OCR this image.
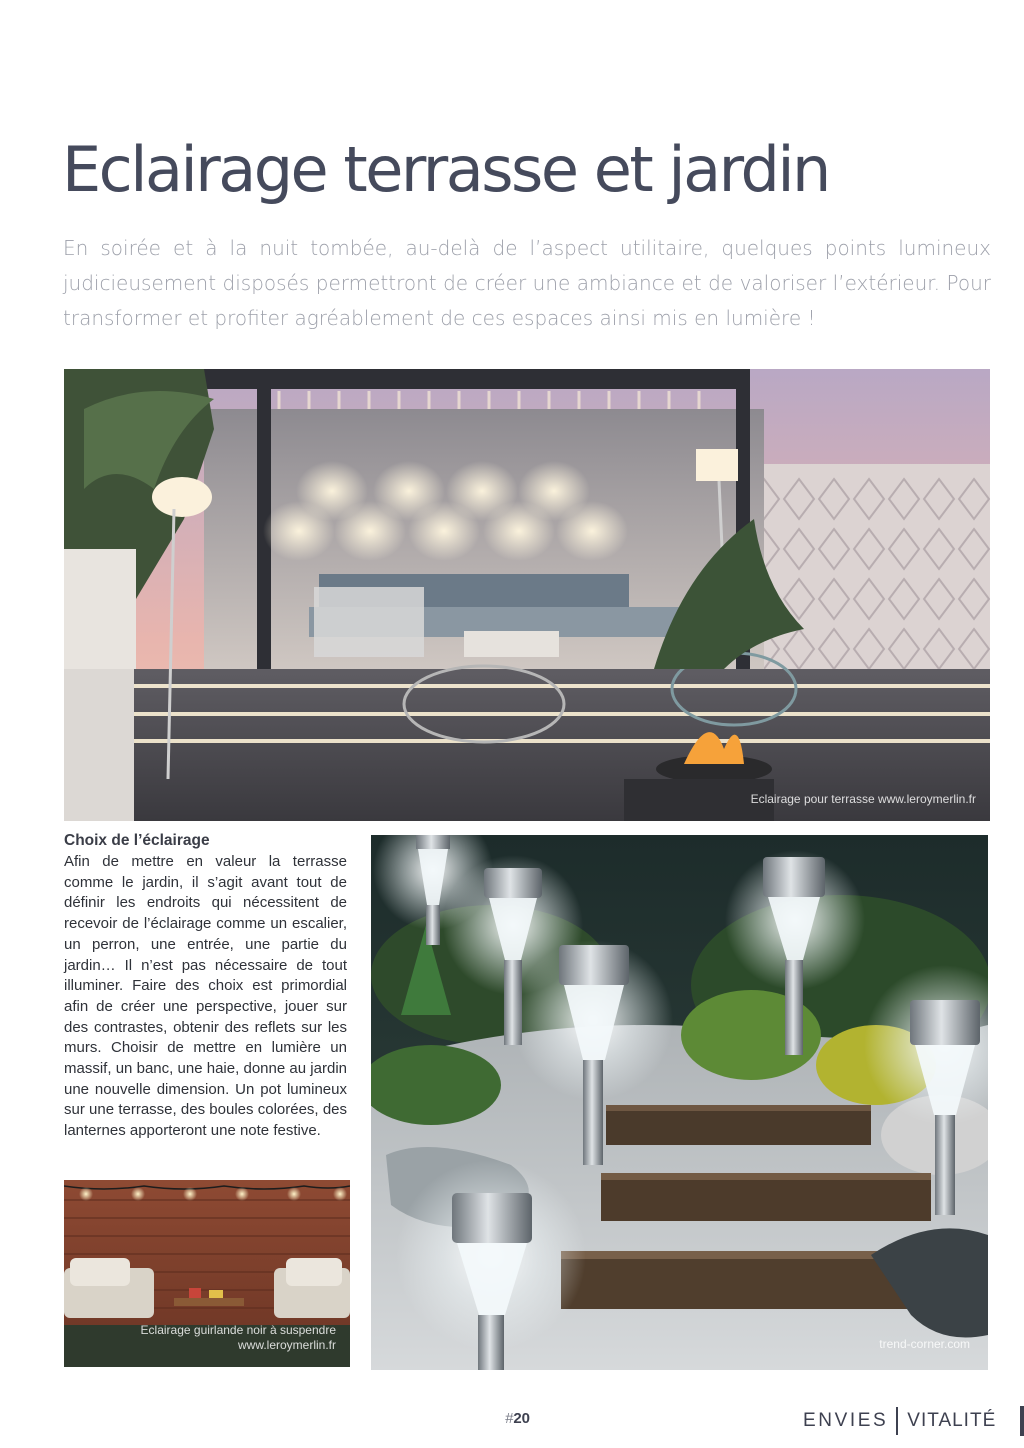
Eclairage terrasse et jardin

En soirée et à la nuit tombée, au-delà de l’aspect utilitaire, quelques points lumineux judicieusement disposés permettront de créer une ambiance et de valoriser l’extérieur. Pour transformer et profiter agréablement de ces espaces ainsi mis en lumière !

Eclairage pour terrasse www.leroymerlin.fr
Choix de l’éclairage

Afin de mettre en valeur la terrasse comme le jardin, il s’agit avant tout de définir les endroits qui nécessitent de recevoir de l’éclairage comme un escalier, un perron, une entrée, une partie du jardin… Il n’est pas nécessaire de tout illuminer. Faire des choix est primordial afin de créer une perspective, jouer sur des contrastes, obtenir des reflets sur les murs. Choisir de mettre en lumière un massif, un banc, une haie, donne au jardin une nouvelle dimension. Un pot lumineux sur une terrasse, des boules colorées, des lanternes apporteront une note festive.

trend-corner.com
Eclairage guirlande noir à suspendre
www.leroymerlin.fr
#20	ENVIES VITALITÉ
